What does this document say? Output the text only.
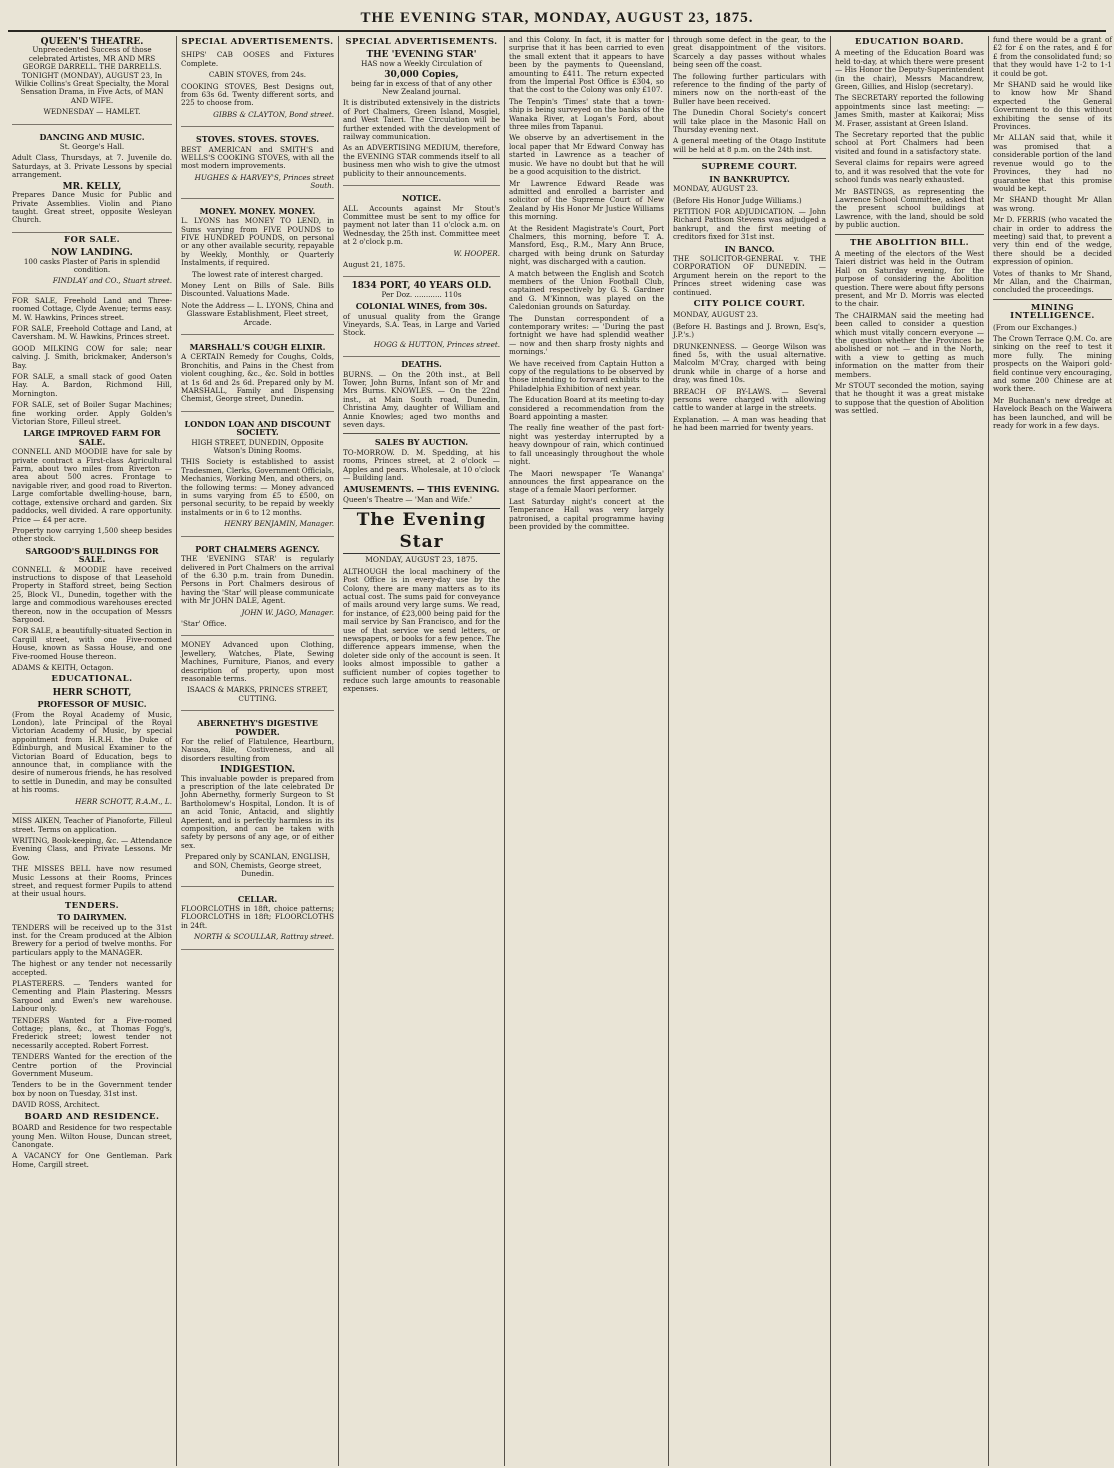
THE EVENING STAR, MONDAY, AUGUST 23, 1875.
QUEEN'S THEATRE.

Unprecedented Success of those celebrated Artistes, MR AND MRS GEORGE DARRELL. THE DARRELLS. TONIGHT (MONDAY), AUGUST 23, In Wilkie Collins's Great Specialty, the Moral Sensation Drama, in Five Acts, of MAN AND WIFE.

WEDNESDAY — HAMLET.

DANCING AND MUSIC.

St. George's Hall.

Adult Class, Thursdays, at 7. Juvenile do. Saturdays, at 3. Private Lessons by special arrangement.

MR. KELLY,

Prepares Dance Music for Public and Private Assemblies. Violin and Piano taught. Great street, opposite Wesleyan Church.

FOR SALE.
NOW LANDING.

100 casks Plaster of Paris in splendid condition.

FINDLAY and CO., Stuart street.

FOR SALE, Freehold Land and Three-roomed Cottage, Clyde Avenue; terms easy. M. W. Hawkins, Princes street.

FOR SALE, Freehold Cottage and Land, at Caversham. M. W. Hawkins, Princes street.

GOOD MILKING COW for sale; near calving. J. Smith, brickmaker, Anderson's Bay.

FOR SALE, a small stack of good Oaten Hay. A. Bardon, Richmond Hill, Mornington.

FOR SALE, set of Boiler Sugar Machines; fine working order. Apply Golden's Victorian Store, Filleul street.

LARGE IMPROVED FARM FOR SALE.

CONNELL AND MOODIE have for sale by private contract a First-class Agricultural Farm, about two miles from Riverton — area about 500 acres. Frontage to navigable river, and good road to Riverton. Large comfortable dwelling-house, barn, cottage, extensive orchard and garden. Six paddocks, well divided. A rare opportunity. Price — £4 per acre.

Property now carrying 1,500 sheep besides other stock.

SARGOOD'S BUILDINGS FOR SALE.

CONNELL & MOODIE have received instructions to dispose of that Leasehold Property in Stafford street, being Section 25, Block VI., Dunedin, together with the large and commodious warehouses erected thereon, now in the occupation of Messrs Sargood.

FOR SALE, a beautifully-situated Section in Cargill street, with one Five-roomed House, known as Sassa House, and one Five-roomed House thereon.

ADAMS & KEITH, Octagon.

EDUCATIONAL.
HERR SCHOTT,
PROFESSOR OF MUSIC.

(From the Royal Academy of Music, London), late Principal of the Royal Victorian Academy of Music, by special appointment from H.R.H. the Duke of Edinburgh, and Musical Examiner to the Victorian Board of Education, begs to announce that, in compliance with the desire of numerous friends, he has resolved to settle in Dunedin, and may be consulted at his rooms.

HERR SCHOTT, R.A.M., L.

MISS AIKEN, Teacher of Pianoforte, Filleul street. Terms on application.

WRITING, Book-keeping, &c. — Attendance Evening Class, and Private Lessons. Mr Gow.

THE MISSES BELL have now resumed Music Lessons at their Rooms, Princes street, and request former Pupils to attend at their usual hours.

TENDERS.
TO DAIRYMEN.

TENDERS will be received up to the 31st inst. for the Cream produced at the Albion Brewery for a period of twelve months. For particulars apply to the MANAGER.

The highest or any tender not necessarily accepted.

PLASTERERS. — Tenders wanted for Cementing and Plain Plastering. Messrs Sargood and Ewen's new warehouse. Labour only.

TENDERS Wanted for a Five-roomed Cottage; plans, &c., at Thomas Fogg's, Frederick street; lowest tender not necessarily accepted. Robert Forrest.

TENDERS Wanted for the erection of the Centre portion of the Provincial Government Museum.

Tenders to be in the Government tender box by noon on Tuesday, 31st inst.

DAVID ROSS, Architect.

BOARD AND RESIDENCE.

BOARD and Residence for two respectable young Men. Wilton House, Duncan street, Canongate.

A VACANCY for One Gentleman. Park Home, Cargill street.

SPECIAL ADVERTISEMENTS.

SHIPS' CAB OOSES and Fixtures Complete.

CABIN STOVES, from 24s.

COOKING STOVES, Best Designs out, from 63s 6d. Twenty different sorts, and 225 to choose from.

GIBBS & CLAYTON, Bond street.

STOVES. STOVES. STOVES.

BEST AMERICAN and SMITH'S and WELLS'S COOKING STOVES, with all the most modern improvements.

HUGHES & HARVEY'S, Princes street South.

MONEY. MONEY. MONEY.

L. LYONS has MONEY TO LEND, in Sums varying from FIVE POUNDS to FIVE HUNDRED POUNDS, on personal or any other available security, repayable by Weekly, Monthly, or Quarterly Instalments, if required.

The lowest rate of interest charged.

Money Lent on Bills of Sale. Bills Discounted. Valuations Made.

Note the Address — L. LYONS, China and Glassware Establishment, Fleet street, Arcade.

MARSHALL'S COUGH ELIXIR.

A CERTAIN Remedy for Coughs, Colds, Bronchitis, and Pains in the Chest from violent coughing, &c., &c. Sold in bottles at 1s 6d and 2s 6d. Prepared only by M. MARSHALL, Family and Dispensing Chemist, George street, Dunedin.

LONDON LOAN AND DISCOUNT SOCIETY.

HIGH STREET, DUNEDIN, Opposite Watson's Dining Rooms.

THIS Society is established to assist Tradesmen, Clerks, Government Officials, Mechanics, Working Men, and others, on the following terms: — Money advanced in sums varying from £5 to £500, on personal security, to be repaid by weekly instalments or in 6 to 12 months.

HENRY BENJAMIN, Manager.

PORT CHALMERS AGENCY.

THE 'EVENING STAR' is regularly delivered in Port Chalmers on the arrival of the 6.30 p.m. train from Dunedin. Persons in Port Chalmers desirous of having the 'Star' will please communicate with Mr JOHN DALE, Agent.

JOHN W. JAGO, Manager.

'Star' Office.

MONEY Advanced upon Clothing, Jewellery, Watches, Plate, Sewing Machines, Furniture, Pianos, and every description of property, upon most reasonable terms.

ISAACS & MARKS, PRINCES STREET, CUTTING.

ABERNETHY'S DIGESTIVE POWDER.

For the relief of Flatulence, Heartburn, Nausea, Bile, Costiveness, and all disorders resulting from

INDIGESTION.

This invaluable powder is prepared from a prescription of the late celebrated Dr John Abernethy, formerly Surgeon to St Bartholomew's Hospital, London. It is of an acid Tonic, Antacid, and slightly Aperient, and is perfectly harmless in its composition, and can be taken with safety by persons of any age, or of either sex.

Prepared only by SCANLAN, ENGLISH, and SON, Chemists, George street, Dunedin.

CELLAR.

FLOORCLOTHS in 18ft, choice patterns; FLOORCLOTHS in 18ft; FLOORCLOTHS in 24ft.

NORTH & SCOULLAR, Rattray street.

SPECIAL ADVERTISEMENTS.
THE 'EVENING STAR'

HAS now a Weekly Circulation of

30,000 Copies,

being far in excess of that of any other New Zealand journal.

It is distributed extensively in the districts of Port Chalmers, Green Island, Mosgiel, and West Taieri. The Circulation will be further extended with the development of railway communication.

As an ADVERTISING MEDIUM, therefore, the EVENING STAR commends itself to all business men who wish to give the utmost publicity to their announcements.

NOTICE.

ALL Accounts against Mr Stout's Committee must be sent to my office for payment not later than 11 o'clock a.m. on Wednesday, the 25th inst. Committee meet at 2 o'clock p.m.

W. HOOPER.

August 21, 1875.

1834 PORT, 40 YEARS OLD.

Per Doz. ............ 110s

COLONIAL WINES, from 30s.

of unusual quality from the Grange Vineyards, S.A. Teas, in Large and Varied Stock.

HOGG & HUTTON, Princes street.

DEATHS.

BURNS. — On the 20th inst., at Bell Tower, John Burns, Infant son of Mr and Mrs Burns. KNOWLES. — On the 22nd inst., at Main South road, Dunedin, Christina Amy, daughter of William and Annie Knowles; aged two months and seven days.

SALES BY AUCTION.

TO-MORROW. D. M. Spedding, at his rooms, Princes street, at 2 o'clock — Apples and pears. Wholesale, at 10 o'clock — Building land.

AMUSEMENTS. — THIS EVENING.

Queen's Theatre — 'Man and Wife.'

The Evening Star
MONDAY, AUGUST 23, 1875.

ALTHOUGH the local machinery of the Post Office is in every-day use by the Colony, there are many matters as to its actual cost. The sums paid for conveyance of mails around very large sums. We read, for instance, of £23,000 being paid for the mail service by San Francisco, and for the use of that service we send letters, or newspapers, or books for a few pence. The difference appears immense, when the doleter side only of the account is seen. It looks almost impossible to gather a sufficient number of copies together to reduce such large amounts to reasonable expenses.

and this Colony. In fact, it is matter for surprise that it has been carried to even the small extent that it appears to have been by the payments to Queensland, amounting to £411. The return expected from the Imperial Post Office is £304, so that the cost to the Colony was only £107.

The Tenpin's 'Times' state that a town-ship is being surveyed on the banks of the Wanaka River, at Logan's Ford, about three miles from Tapanui.

We observe by an advertisement in the local paper that Mr Edward Conway has started in Lawrence as a teacher of music. We have no doubt but that he will be a good acquisition to the district.

Mr Lawrence Edward Reade was admitted and enrolled a barrister and solicitor of the Supreme Court of New Zealand by His Honor Mr Justice Williams this morning.

At the Resident Magistrate's Court, Port Chalmers, this morning, before T. A. Mansford, Esq., R.M., Mary Ann Bruce, charged with being drunk on Saturday night, was discharged with a caution.

A match between the English and Scotch members of the Union Football Club, captained respectively by G. S. Gardner and G. M'Kinnon, was played on the Caledonian grounds on Saturday.

The Dunstan correspondent of a contemporary writes: — 'During the past fortnight we have had splendid weather — now and then sharp frosty nights and mornings.'

We have received from Captain Hutton a copy of the regulations to be observed by those intending to forward exhibits to the Philadelphia Exhibition of next year.

The Education Board at its meeting to-day considered a recommendation from the Board appointing a master.

The really fine weather of the past fort-night was yesterday interrupted by a heavy downpour of rain, which continued to fall unceasingly throughout the whole night.

The Maori newspaper 'Te Wananga' announces the first appearance on the stage of a female Maori performer.

Last Saturday night's concert at the Temperance Hall was very largely patronised, a capital programme having been provided by the committee.

through some defect in the gear, to the great disappointment of the visitors. Scarcely a day passes without whales being seen off the coast.

The following further particulars with reference to the finding of the party of miners now on the north-east of the Buller have been received.

The Dunedin Choral Society's concert will take place in the Masonic Hall on Thursday evening next.

A general meeting of the Otago Institute will be held at 8 p.m. on the 24th inst.

SUPREME COURT.
IN BANKRUPTCY.

MONDAY, AUGUST 23.

(Before His Honor Judge Williams.)

PETITION FOR ADJUDICATION. — John Richard Pattison Stevens was adjudged a bankrupt, and the first meeting of creditors fixed for 31st inst.

IN BANCO.

THE SOLICITOR-GENERAL v. THE CORPORATION OF DUNEDIN. — Argument herein on the report to the Princes street widening case was continued.

CITY POLICE COURT.

MONDAY, AUGUST 23.

(Before H. Bastings and J. Brown, Esq's, J.P.'s.)

DRUNKENNESS. — George Wilson was fined 5s, with the usual alternative. Malcolm M'Cray, charged with being drunk while in charge of a horse and dray, was fined 10s.

BREACH OF BY-LAWS. — Several persons were charged with allowing cattle to wander at large in the streets.

Explanation. — A man was heading that he had been married for twenty years.

EDUCATION BOARD.

A meeting of the Education Board was held to-day, at which there were present — His Honor the Deputy-Superintendent (in the chair), Messrs Macandrew, Green, Gillies, and Hislop (secretary).

The SECRETARY reported the following appointments since last meeting: — James Smith, master at Kaikorai; Miss M. Fraser, assistant at Green Island.

The Secretary reported that the public school at Port Chalmers had been visited and found in a satisfactory state.

Several claims for repairs were agreed to, and it was resolved that the vote for school funds was nearly exhausted.

Mr BASTINGS, as representing the Lawrence School Committee, asked that the present school buildings at Lawrence, with the land, should be sold by public auction.

THE ABOLITION BILL.

A meeting of the electors of the West Taieri district was held in the Outram Hall on Saturday evening, for the purpose of considering the Abolition question. There were about fifty persons present, and Mr D. Morris was elected to the chair.

The CHAIRMAN said the meeting had been called to consider a question which must vitally concern everyone — the question whether the Provinces be abolished or not — and in the North, with a view to getting as much information on the matter from their members.

Mr STOUT seconded the motion, saying that he thought it was a great mistake to suppose that the question of Abolition was settled.

fund there would be a grant of £2 for £ on the rates, and £ for £ from the consolidated fund; so that they would have 1-2 to 1-1 it could be got.

Mr SHAND said he would like to know how Mr Shand expected the General Government to do this without exhibiting the sense of its Provinces.

Mr ALLAN said that, while it was promised that a considerable portion of the land revenue would go to the Provinces, they had no guarantee that this promise would be kept.

Mr SHAND thought Mr Allan was wrong.

Mr D. FERRIS (who vacated the chair in order to address the meeting) said that, to prevent a very thin end of the wedge, there should be a decided expression of opinion.

Votes of thanks to Mr Shand, Mr Allan, and the Chairman, concluded the proceedings.

MINING INTELLIGENCE.

(From our Exchanges.)

The Crown Terrace Q.M. Co. are sinking on the reef to test it more fully. The mining prospects on the Waipori gold-field continue very encouraging, and some 200 Chinese are at work there.

Mr Buchanan's new dredge at Havelock Beach on the Waiwera has been launched, and will be ready for work in a few days.
